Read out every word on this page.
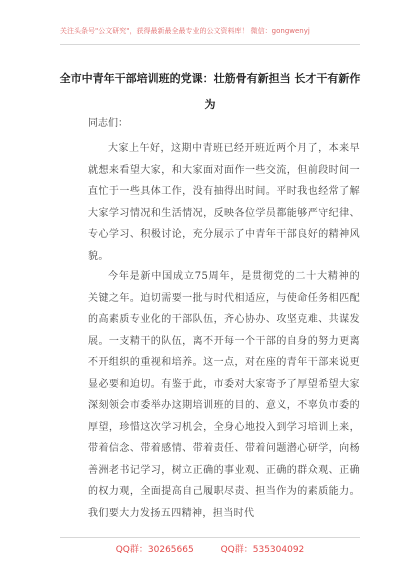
关注头条号"公文研究"，获得最新最全最专业的公文资料库！ 微信：gongwenyj
全市中青年干部培训班的党课：壮筋骨有新担当 长才干有新作为
同志们：
大家上午好，这期中青班已经开班近两个月了，本来早就想来看望大家，和大家面对面作一些交流，但前段时间一直忙于一些具体工作，没有抽得出时间。平时我也经常了解大家学习情况和生活情况，反映各位学员都能够严守纪律、专心学习、积极讨论，充分展示了中青年干部良好的精神风貌。
今年是新中国成立75周年，是贯彻党的二十大精神的关键之年。迫切需要一批与时代相适应，与使命任务相匹配的高素质专业化的干部队伍，齐心协办、攻坚克难、共谋发展。一支精干的队伍，离不开每一个干部的自身的努力更离不开组织的重视和培养。这一点，对在座的青年干部来说更显必要和迫切。有鉴于此，市委对大家寄予了厚望希望大家深刻领会市委举办这期培训班的目的、意义，不辜负市委的厚望，珍惜这次学习机会，全身心地投入到学习培训上来，带着信念、带着感情、带着责任、带着问题潜心研学，向杨善洲老书记学习，树立正确的事业观、正确的群众观、正确的权力观，全面提高自己履职尽责、担当作为的素质能力。我们要大力发扬五四精神，担当时代
QQ群：30265665	QQ群：535304092
